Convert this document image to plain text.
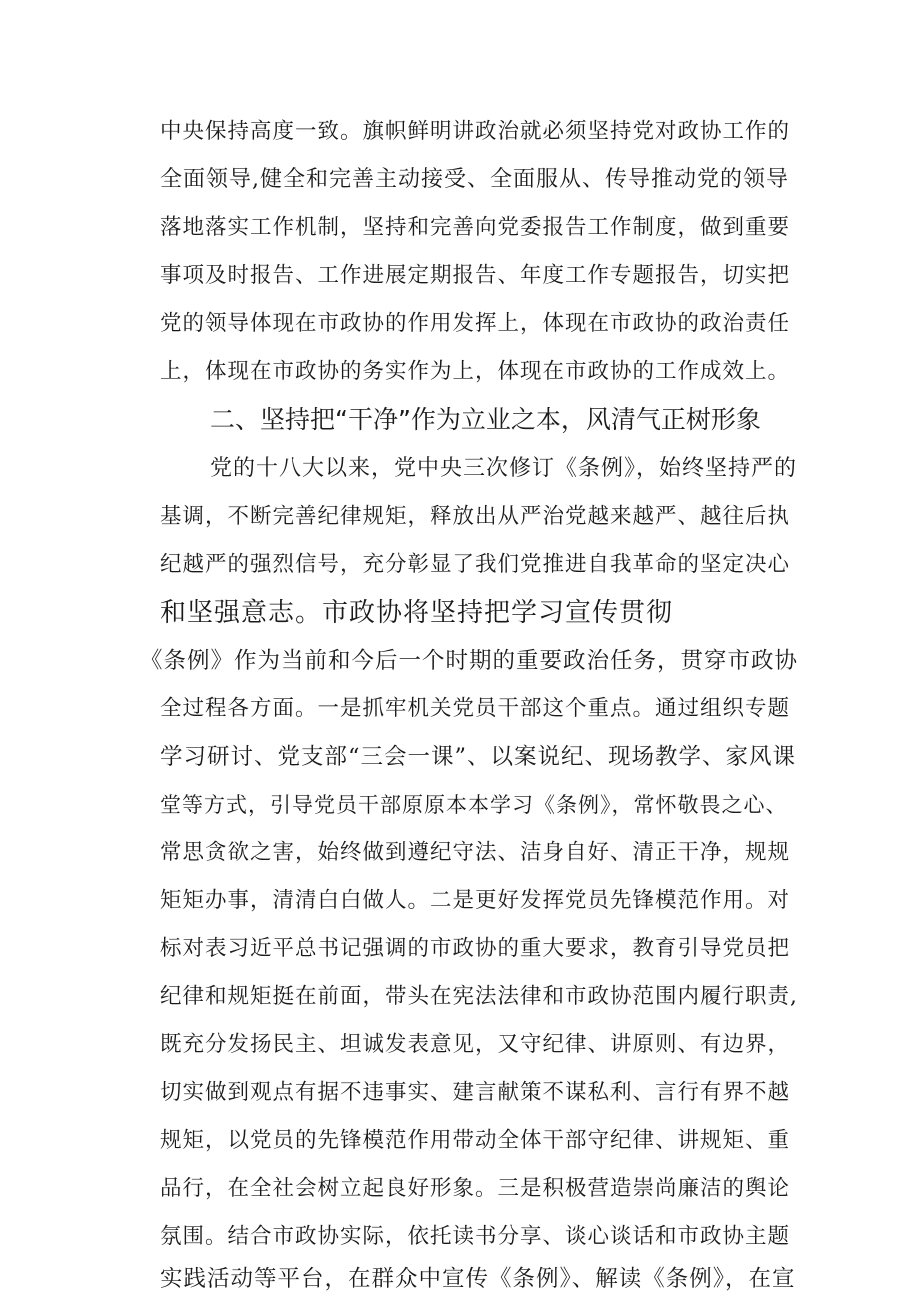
中央保持高度一致。旗帜鲜明讲政治就必须坚持党对政协工作的
全面领导,健全和完善主动接受、全面服从、传导推动党的领导
落地落实工作机制，坚持和完善向党委报告工作制度，做到重要
事项及时报告、工作进展定期报告、年度工作专题报告，切实把
党的领导体现在市政协的作用发挥上，体现在市政协的政治责任
上，体现在市政协的务实作为上，体现在市政协的工作成效上。
二、坚持把“干净”作为立业之本，风清气正树形象
党的十八大以来，党中央三次修订《条例》，始终坚持严的
基调，不断完善纪律规矩，释放出从严治党越来越严、越往后执
纪越严的强烈信号，充分彰显了我们党推进自我革命的坚定决心
和坚强意志。市政协将坚持把学习宣传贯彻
《条例》作为当前和今后一个时期的重要政治任务，贯穿市政协
全过程各方面。一是抓牢机关党员干部这个重点。通过组织专题
学习研讨、党支部“三会一课”、以案说纪、现场教学、家风课
堂等方式，引导党员干部原原本本学习《条例》，常怀敬畏之心、
常思贪欲之害，始终做到遵纪守法、洁身自好、清正干净，规规
矩矩办事，清清白白做人。二是更好发挥党员先锋模范作用。对
标对表习近平总书记强调的市政协的重大要求，教育引导党员把
纪律和规矩挺在前面，带头在宪法法律和市政协范围内履行职责,
既充分发扬民主、坦诚发表意见，又守纪律、讲原则、有边界，
切实做到观点有据不违事实、建言献策不谋私利、言行有界不越
规矩，以党员的先锋模范作用带动全体干部守纪律、讲规矩、重
品行，在全社会树立起良好形象。三是积极营造崇尚廉洁的舆论
氛围。结合市政协实际，依托读书分享、谈心谈话和市政协主题
实践活动等平台，在群众中宣传《条例》、解读《条例》，在宣
